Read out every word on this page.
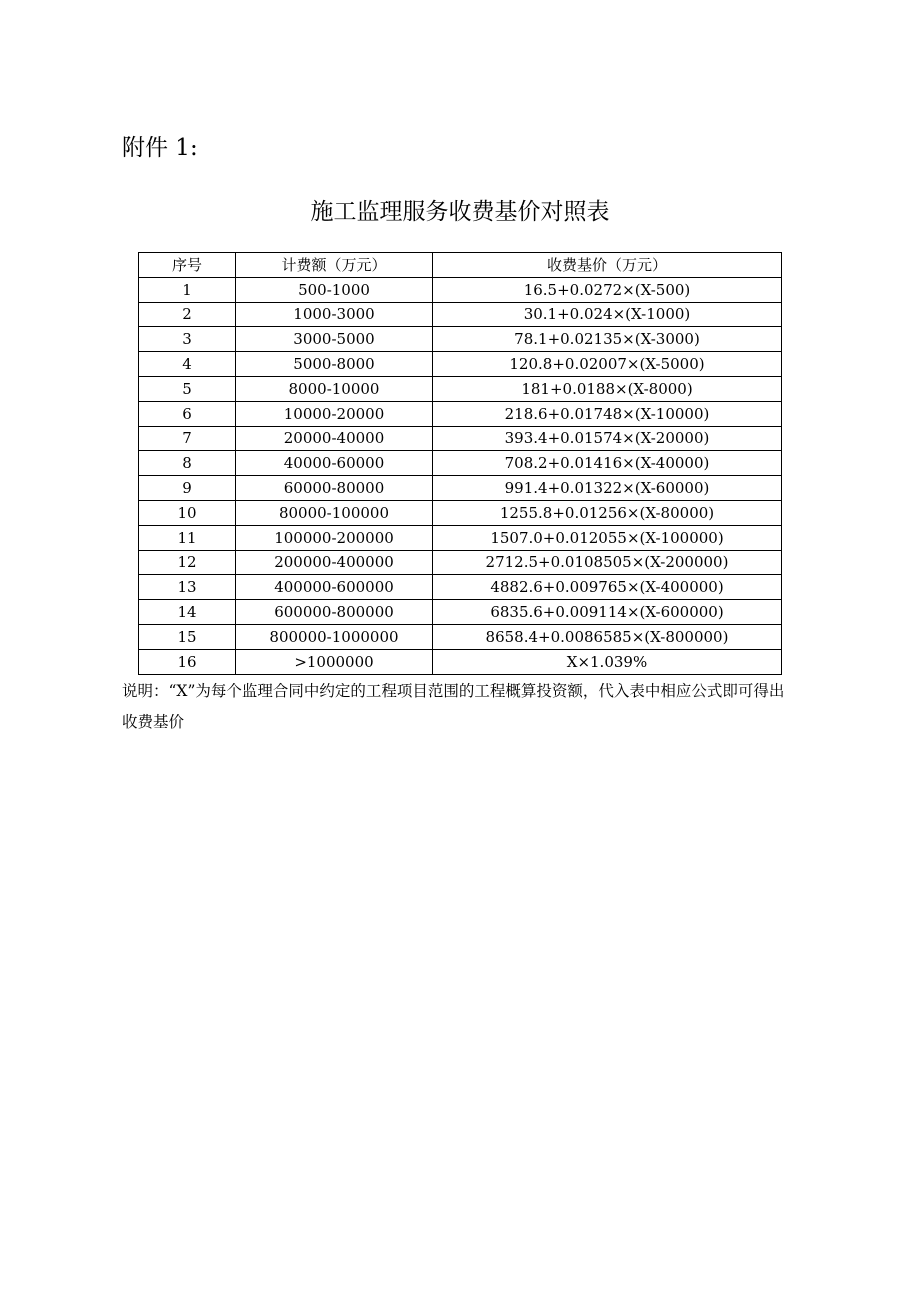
附件 1:
施工监理服务收费基价对照表
序号	计费额（万元）	收费基价（万元）
1	500-1000	16.5+0.0272×(X-500)
2	1000-3000	30.1+0.024×(X-1000)
3	3000-5000	78.1+0.02135×(X-3000)
4	5000-8000	120.8+0.02007×(X-5000)
5	8000-10000	181+0.0188×(X-8000)
6	10000-20000	218.6+0.01748×(X-10000)
7	20000-40000	393.4+0.01574×(X-20000)
8	40000-60000	708.2+0.01416×(X-40000)
9	60000-80000	991.4+0.01322×(X-60000)
10	80000-100000	1255.8+0.01256×(X-80000)
11	100000-200000	1507.0+0.012055×(X-100000)
12	200000-400000	2712.5+0.0108505×(X-200000)
13	400000-600000	4882.6+0.009765×(X-400000)
14	600000-800000	6835.6+0.009114×(X-600000)
15	800000-1000000	8658.4+0.0086585×(X-800000)
16	>1000000	X×1.039%
说明：“X”为每个监理合同中约定的工程项目范围的工程概算投资额，代入表中相应公式即可得出收费基价
